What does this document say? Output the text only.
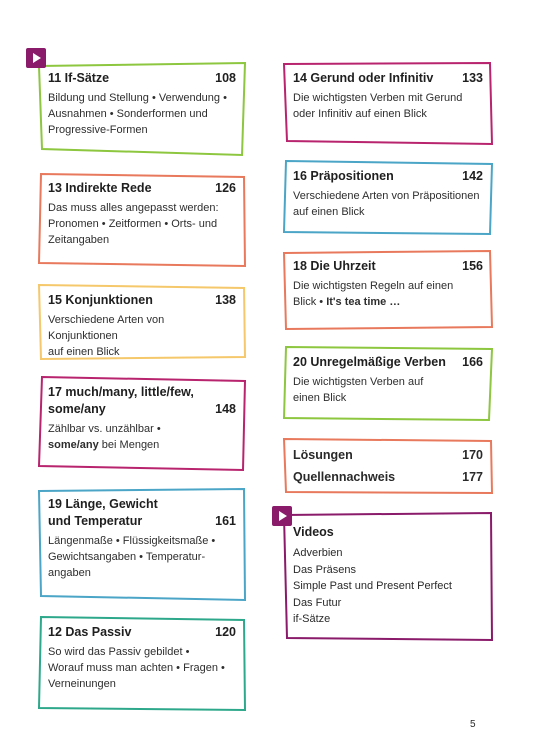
11 If-Sätze	108
Bildung und Stellung • Verwendung •
Ausnahmen • Sonderformen und
Progressive-Formen
13 Indirekte Rede	126
Das muss alles angepasst werden:
Pronomen • Zeitformen • Orts- und
Zeitangaben
15 Konjunktionen	138
Verschiedene Arten von Konjunktionen
auf einen Blick
17 much/many, little/few,
some/any	148
Zählbar vs. unzählbar •
some/any bei Mengen
19 Länge, Gewicht
und Temperatur	161
Längenmaße • Flüssigkeitsmaße •
Gewichtsangaben • Temperatur-
angaben
12 Das Passiv	120
So wird das Passiv gebildet •
Worauf muss man achten • Fragen •
Verneinungen
14 Gerund oder Infinitiv 133
Die wichtigsten Verben mit Gerund
oder Infinitiv auf einen Blick
16 Präpositionen	142
Verschiedene Arten von Präpositionen
auf einen Blick
18 Die Uhrzeit	156
Die wichtigsten Regeln auf einen
Blick • It's tea time …
20 Unregelmäßige Verben 166
Die wichtigsten Verben auf
einen Blick
Lösungen	170
Quellennachweis	177
Videos
Adverbien
Das Präsens
Simple Past und Present Perfect
Das Futur
if-Sätze
5
